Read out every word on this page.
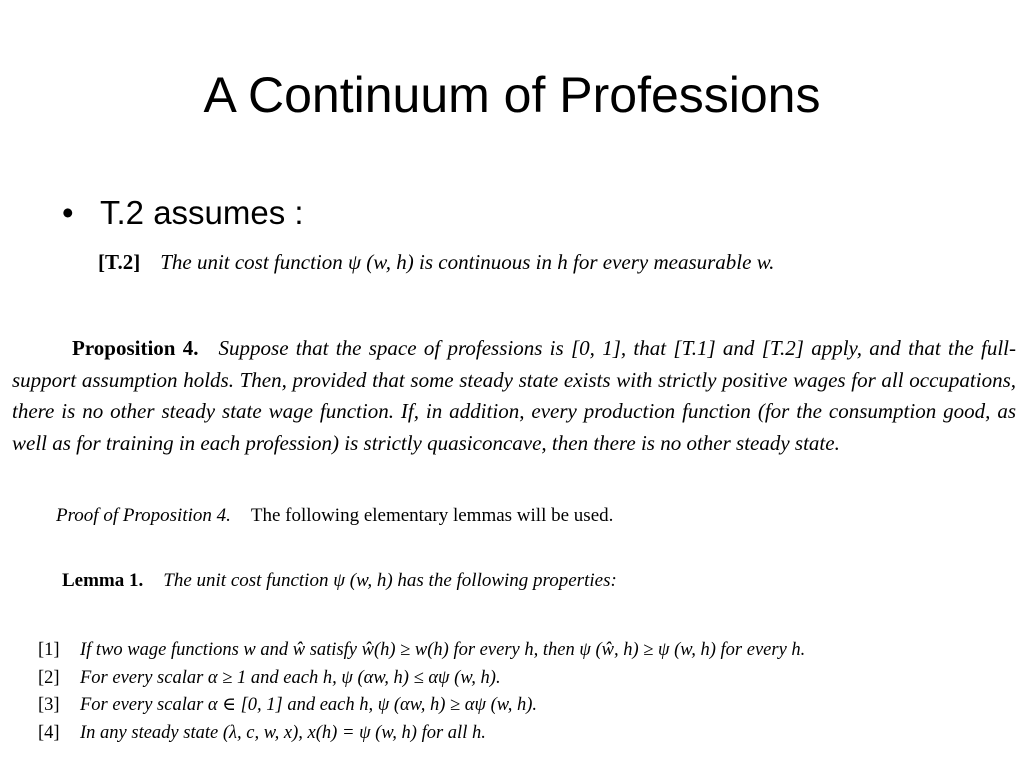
A Continuum of Professions
• T.2 assumes :
[T.2] The unit cost function ψ (w, h) is continuous in h for every measurable w.
Proposition 4. Suppose that the space of professions is [0, 1], that [T.1] and [T.2] apply, and that the full-support assumption holds. Then, provided that some steady state exists with strictly positive wages for all occupations, there is no other steady state wage function. If, in addition, every production function (for the consumption good, as well as for training in each profession) is strictly quasiconcave, then there is no other steady state.
Proof of Proposition 4. The following elementary lemmas will be used.
Lemma 1. The unit cost function ψ (w, h) has the following properties:
[1] If two wage functions w and ŵ satisfy ŵ(h) ≥ w(h) for every h, then ψ (ŵ, h) ≥ ψ (w, h) for every h.
[2] For every scalar α ≥ 1 and each h, ψ (αw, h) ≤ αψ (w, h).
[3] For every scalar α ∈ [0, 1] and each h, ψ (αw, h) ≥ αψ (w, h).
[4] In any steady state (λ, c, w, x), x(h) = ψ (w, h) for all h.
